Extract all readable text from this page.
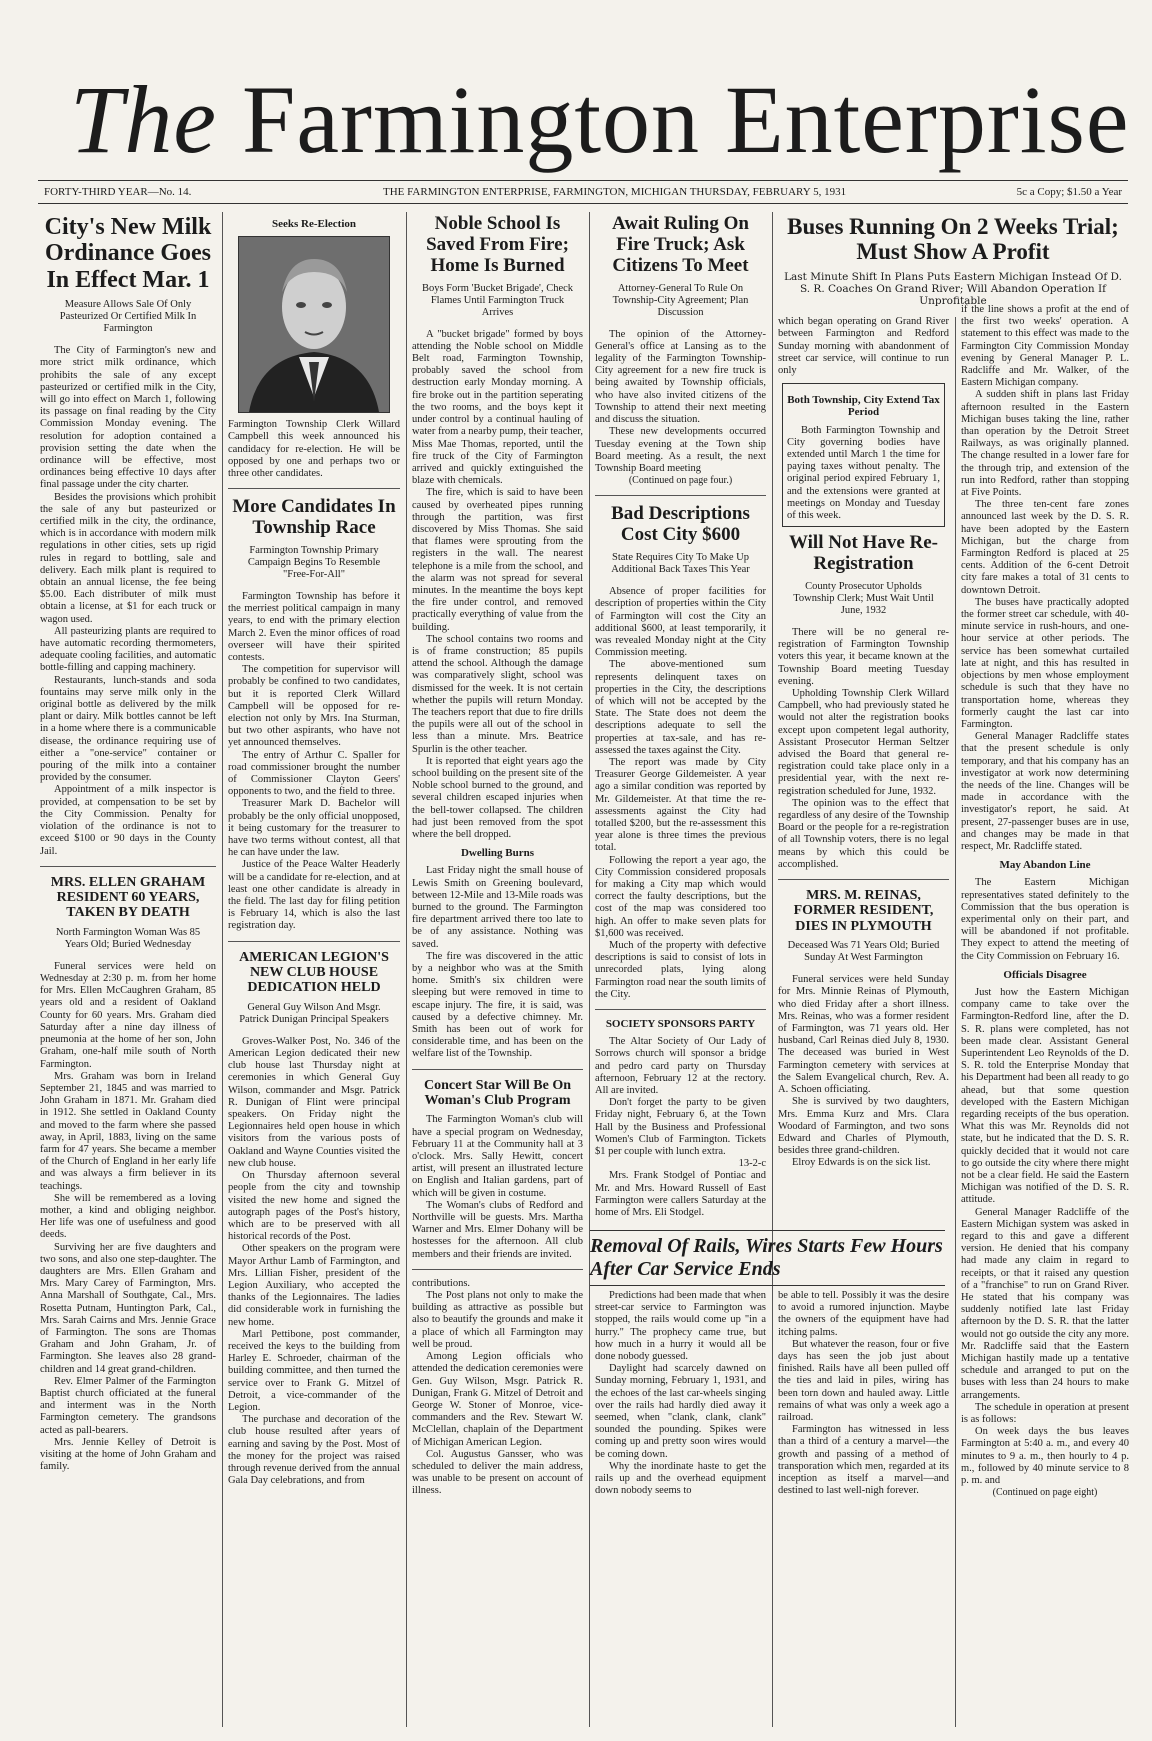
The Farmington Enterprise
FORTY-THIRD YEAR—No. 14.	THE FARMINGTON ENTERPRISE, FARMINGTON, MICHIGAN THURSDAY, FEBRUARY 5, 1931	5c a Copy; $1.50 a Year
City's New Milk Ordinance Goes In Effect Mar. 1
Measure Allows Sale Of Only Pasteurized Or Certified Milk In Farmington

The City of Farmington's new and more strict milk ordinance, which prohibits the sale of any except pasteurized or certified milk in the City, will go into effect on March 1, following its passage on final reading by the City Commission Monday evening. The resolution for adoption contained a provision setting the date when the ordinance will be effective, most ordinances being effective 10 days after final passage under the city charter.

Besides the provisions which prohibit the sale of any but pasteurized or certified milk in the city, the ordinance, which is in accordance with modern milk regulations in other cities, sets up rigid rules in regard to bottling, sale and delivery. Each milk plant is required to obtain an annual license, the fee being $5.00. Each distributer of milk must obtain a license, at $1 for each truck or wagon used.

All pasteurizing plants are required to have automatic recording thermometers, adequate cooling facilities, and automatic bottle-filling and capping machinery.

Restaurants, lunch-stands and soda fountains may serve milk only in the original bottle as delivered by the milk plant or dairy. Milk bottles cannot be left in a home where there is a communicable disease, the ordinance requiring use of either a "one-service" container or pouring of the milk into a container provided by the consumer.

Appointment of a milk inspector is provided, at compensation to be set by the City Commission. Penalty for violation of the ordinance is not to exceed $100 or 90 days in the County Jail.

MRS. ELLEN GRAHAM RESIDENT 60 YEARS, TAKEN BY DEATH
North Farmington Woman Was 85 Years Old; Buried Wednesday

Funeral services were held on Wednesday at 2:30 p. m. from her home for Mrs. Ellen McCaughren Graham, 85 years old and a resident of Oakland County for 60 years. Mrs. Graham died Saturday after a nine day illness of pneumonia at the home of her son, John Graham, one-half mile south of North Farmington.

Mrs. Graham was born in Ireland September 21, 1845 and was married to John Graham in 1871. Mr. Graham died in 1912. She settled in Oakland County and moved to the farm where she passed away, in April, 1883, living on the same farm for 47 years. She became a member of the Church of England in her early life and was always a firm believer in its teachings.

She will be remembered as a loving mother, a kind and obliging neighbor. Her life was one of usefulness and good deeds.

Surviving her are five daughters and two sons, and also one step-daughter. The daughters are Mrs. Ellen Graham and Mrs. Mary Carey of Farmington, Mrs. Anna Marshall of Southgate, Cal., Mrs. Rosetta Putnam, Huntington Park, Cal., Mrs. Sarah Cairns and Mrs. Jennie Grace of Farmington. The sons are Thomas Graham and John Graham, Jr. of Farmington. She leaves also 28 grand-children and 14 great grand-children.

Rev. Elmer Palmer of the Farmington Baptist church officiated at the funeral and interment was in the North Farmington cemetery. The grandsons acted as pall-bearers.

Mrs. Jennie Kelley of Detroit is visiting at the home of John Graham and family.

Seeks Re-Election

Farmington Township Clerk Willard Campbell this week announced his candidacy for re-election. He will be opposed by one and perhaps two or three other candidates.

More Candidates In Township Race
Farmington Township Primary Campaign Begins To Resemble "Free-For-All"

Farmington Township has before it the merriest political campaign in many years, to end with the primary election March 2. Even the minor offices of road overseer will have their spirited contests.

The competition for supervisor will probably be confined to two candidates, but it is reported Clerk Willard Campbell will be opposed for re-election not only by Mrs. Ina Sturman, but two other aspirants, who have not yet announced themselves.

The entry of Arthur C. Spaller for road commissioner brought the number of Commissioner Clayton Geers' opponents to two, and the field to three.

Treasurer Mark D. Bachelor will probably be the only official unopposed, it being customary for the treasurer to have two terms without contest, all that he can have under the law.

Justice of the Peace Walter Headerly will be a candidate for re-election, and at least one other candidate is already in the field. The last day for filing petition is February 14, which is also the last registration day.

AMERICAN LEGION'S NEW CLUB HOUSE DEDICATION HELD
General Guy Wilson And Msgr. Patrick Dunigan Principal Speakers

Groves-Walker Post, No. 346 of the American Legion dedicated their new club house last Thursday night at ceremonies in which General Guy Wilson, commander and Msgr. Patrick R. Dunigan of Flint were principal speakers. On Friday night the Legionnaires held open house in which visitors from the various posts of Oakland and Wayne Counties visited the new club house.

On Thursday afternoon several people from the city and township visited the new home and signed the autograph pages of the Post's history, which are to be preserved with all historical records of the Post.

Other speakers on the program were Mayor Arthur Lamb of Farmington, and Mrs. Lillian Fisher, president of the Legion Auxiliary, who accepted the thanks of the Legionnaires. The ladies did considerable work in furnishing the new home.

Marl Pettibone, post commander, received the keys to the building from Harley E. Schroeder, chairman of the building committee, and then turned the service over to Frank G. Mitzel of Detroit, a vice-commander of the Legion.

The purchase and decoration of the club house resulted after years of earning and saving by the Post. Most of the money for the project was raised through revenue derived from the annual Gala Day celebrations, and from

Noble School Is Saved From Fire; Home Is Burned
Boys Form 'Bucket Brigade', Check Flames Until Farmington Truck Arrives

A "bucket brigade" formed by boys attending the Noble school on Middle Belt road, Farmington Township, probably saved the school from destruction early Monday morning. A fire broke out in the partition seperating the two rooms, and the boys kept it under control by a continual hauling of water from a nearby pump, their teacher, Miss Mae Thomas, reported, until the fire truck of the City of Farmington arrived and quickly extinguished the blaze with chemicals.

The fire, which is said to have been caused by overheated pipes running through the partition, was first discovered by Miss Thomas. She said that flames were sprouting from the registers in the wall. The nearest telephone is a mile from the school, and the alarm was not spread for several minutes. In the meantime the boys kept the fire under control, and removed practically everything of value from the building.

The school contains two rooms and is of frame construction; 85 pupils attend the school. Although the damage was comparatively slight, school was dismissed for the week. It is not certain whether the pupils will return Monday. The teachers report that due to fire drills the pupils were all out of the school in less than a minute. Mrs. Beatrice Spurlin is the other teacher.

It is reported that eight years ago the school building on the present site of the Noble school burned to the ground, and several children escaped injuries when the bell-tower collapsed. The children had just been removed from the spot where the bell dropped.

Dwelling Burns

Last Friday night the small house of Lewis Smith on Greening boulevard, between 12-Mile and 13-Mile roads was burned to the ground. The Farmington fire department arrived there too late to be of any assistance. Nothing was saved.

The fire was discovered in the attic by a neighbor who was at the Smith home. Smith's six children were sleeping but were removed in time to escape injury. The fire, it is said, was caused by a defective chimney. Mr. Smith has been out of work for considerable time, and has been on the welfare list of the Township.

Concert Star Will Be On Woman's Club Program

The Farmington Woman's club will have a special program on Wednesday, February 11 at the Community hall at 3 o'clock. Mrs. Sally Hewitt, concert artist, will present an illustrated lecture on English and Italian gardens, part of which will be given in costume.

The Woman's clubs of Redford and Northville will be guests. Mrs. Martha Warner and Mrs. Elmer Dohany will be hostesses for the afternoon. All club members and their friends are invited.

contributions.

The Post plans not only to make the building as attractive as possible but also to beautify the grounds and make it a place of which all Farmington may well be proud.

Among Legion officials who attended the dedication ceremonies were Gen. Guy Wilson, Msgr. Patrick R. Dunigan, Frank G. Mitzel of Detroit and George W. Stoner of Monroe, vice-commanders and the Rev. Stewart W. McClellan, chaplain of the Department of Michigan American Legion.

Col. Augustus Gansser, who was scheduled to deliver the main address, was unable to be present on account of illness.

Await Ruling On Fire Truck; Ask Citizens To Meet
Attorney-General To Rule On Township-City Agreement; Plan Discussion

The opinion of the Attorney-General's office at Lansing as to the legality of the Farmington Township-City agreement for a new fire truck is being awaited by Township officials, who have also invited citizens of the Township to attend their next meeting and discuss the situation.

These new developments occurred Tuesday evening at the Town ship Board meeting. As a result, the next Township Board meeting

(Continued on page four.)
Bad Descriptions Cost City $600
State Requires City To Make Up Additional Back Taxes This Year

Absence of proper facilities for description of properties within the City of Farmington will cost the City an additional $600, at least temporarily, it was revealed Monday night at the City Commission meeting.

The above-mentioned sum represents delinquent taxes on properties in the City, the descriptions of which will not be accepted by the State. The State does not deem the descriptions adequate to sell the properties at tax-sale, and has re-assessed the taxes against the City.

The report was made by City Treasurer George Gildemeister. A year ago a similar condition was reported by Mr. Gildemeister. At that time the re-assessments against the City had totalled $200, but the re-assessment this year alone is three times the previous total.

Following the report a year ago, the City Commission considered proposals for making a City map which would correct the faulty descriptions, but the cost of the map was considered too high. An offer to make seven plats for $1,600 was received.

Much of the property with defective descriptions is said to consist of lots in unrecorded plats, lying along Farmington road near the south limits of the City.

SOCIETY SPONSORS PARTY

The Altar Society of Our Lady of Sorrows church will sponsor a bridge and pedro card party on Thursday afternoon, February 12 at the rectory. All are invited.

Don't forget the party to be given Friday night, February 6, at the Town Hall by the Business and Professional Women's Club of Farmington. Tickets $1 per couple with lunch extra.

13-2-c

Mrs. Frank Stodgel of Pontiac and Mr. and Mrs. Howard Russell of East Farmington were callers Saturday at the home of Mrs. Eli Stodgel.

which began operating on Grand River between Farmington and Redford Sunday morning with abandonment of street car service, will continue to run only

Both Township, City Extend Tax Period

Both Farmington Township and City governing bodies have extended until March 1 the time for paying taxes without penalty. The original period expired February 1, and the extensions were granted at meetings on Monday and Tuesday of this week.

Will Not Have Re-Registration
County Prosecutor Upholds Township Clerk; Must Wait Until June, 1932

There will be no general re-registration of Farmington Township voters this year, it became known at the Township Board meeting Tuesday evening.

Upholding Township Clerk Willard Campbell, who had previously stated he would not alter the registration books except upon competent legal authority, Assistant Prosecutor Herman Seltzer advised the Board that general re-registration could take place only in a presidential year, with the next re-registration scheduled for June, 1932.

The opinion was to the effect that regardless of any desire of the Township Board or the people for a re-registration of all Township voters, there is no legal means by which this could be accomplished.

MRS. M. REINAS, FORMER RESIDENT, DIES IN PLYMOUTH
Deceased Was 71 Years Old; Buried Sunday At West Farmington

Funeral services were held Sunday for Mrs. Minnie Reinas of Plymouth, who died Friday after a short illness. Mrs. Reinas, who was a former resident of Farmington, was 71 years old. Her husband, Carl Reinas died July 8, 1930. The deceased was buried in West Farmington cemetery with services at the Salem Evangelical church, Rev. A. A. Schoen officiating.

She is survived by two daughters, Mrs. Emma Kurz and Mrs. Clara Woodard of Farmington, and two sons Edward and Charles of Plymouth, besides three grand-children.

Elroy Edwards is on the sick list.

Buses Running On 2 Weeks Trial; Must Show A Profit
Last Minute Shift In Plans Puts Eastern Michigan Instead Of D. S. R. Coaches On Grand River; Will Abandon Operation If Unprofitable

if the line shows a profit at the end of the first two weeks' operation. A statement to this effect was made to the Farmington City Commission Monday evening by General Manager P. L. Radcliffe and Mr. Walker, of the Eastern Michigan company.

A sudden shift in plans last Friday afternoon resulted in the Eastern Michigan buses taking the line, rather than operation by the Detroit Street Railways, as was originally planned. The change resulted in a lower fare for the through trip, and extension of the run into Redford, rather than stopping at Five Points.

The three ten-cent fare zones announced last week by the D. S. R. have been adopted by the Eastern Michigan, but the charge from Farmington Redford is placed at 25 cents. Addition of the 6-cent Detroit city fare makes a total of 31 cents to downtown Detroit.

The buses have practically adopted the former street car schedule, with 40-minute service in rush-hours, and one-hour service at other periods. The service has been somewhat curtailed late at night, and this has resulted in objections by men whose employment schedule is such that they have no transportation home, whereas they formerly caught the last car into Farmington.

General Manager Radcliffe states that the present schedule is only temporary, and that his company has an investigator at work now determining the needs of the line. Changes will be made in accordance with the investigator's report, he said. At present, 27-passenger buses are in use, and changes may be made in that respect, Mr. Radcliffe stated.

May Abandon Line

The Eastern Michigan representatives stated definitely to the Commission that the bus operation is experimental only on their part, and will be abandoned if not profitable. They expect to attend the meeting of the City Commission on February 16.

Officials Disagree

Just how the Eastern Michigan company came to take over the Farmington-Redford line, after the D. S. R. plans were completed, has not been made clear. Assistant General Superintendent Leo Reynolds of the D. S. R. told the Enterprise Monday that his Department had been all ready to go ahead, but that some question developed with the Eastern Michigan regarding receipts of the bus operation. What this was Mr. Reynolds did not state, but he indicated that the D. S. R. quickly decided that it would not care to go outside the city where there might not be a clear field. He said the Eastern Michigan was notified of the D. S. R. attitude.

General Manager Radcliffe of the Eastern Michigan system was asked in regard to this and gave a different version. He denied that his company had made any claim in regard to receipts, or that it raised any question of a "franchise" to run on Grand River. He stated that his company was suddenly notified late last Friday afternoon by the D. S. R. that the latter would not go outside the city any more. Mr. Radcliffe said that the Eastern Michigan hastily made up a tentative schedule and arranged to put on the buses with less than 24 hours to make arrangements.

The schedule in operation at present is as follows:

On week days the bus leaves Farmington at 5:40 a. m., and every 40 minutes to 9 a. m., then hourly to 4 p. m., followed by 40 minute service to 8 p. m. and

(Continued on page eight)
Removal Of Rails, Wires Starts Few Hours After Car Service Ends

Predictions had been made that when street-car service to Farmington was stopped, the rails would come up "in a hurry." The prophecy came true, but how much in a hurry it would all be done nobody guessed.

Daylight had scarcely dawned on Sunday morning, February 1, 1931, and the echoes of the last car-wheels singing over the rails had hardly died away it seemed, when "clank, clank, clank" sounded the pounding. Spikes were coming up and pretty soon wires would be coming down.

Why the inordinate haste to get the rails up and the overhead equipment down nobody seems to

be able to tell. Possibly it was the desire to avoid a rumored injunction. Maybe the owners of the equipment have had itching palms.

But whatever the reason, four or five days has seen the job just about finished. Rails have all been pulled off the ties and laid in piles, wiring has been torn down and hauled away. Little remains of what was only a week ago a railroad.

Farmington has witnessed in less than a third of a century a marvel—the growth and passing of a method of transporation which men, regarded at its inception as itself a marvel—and destined to last well-nigh forever.
